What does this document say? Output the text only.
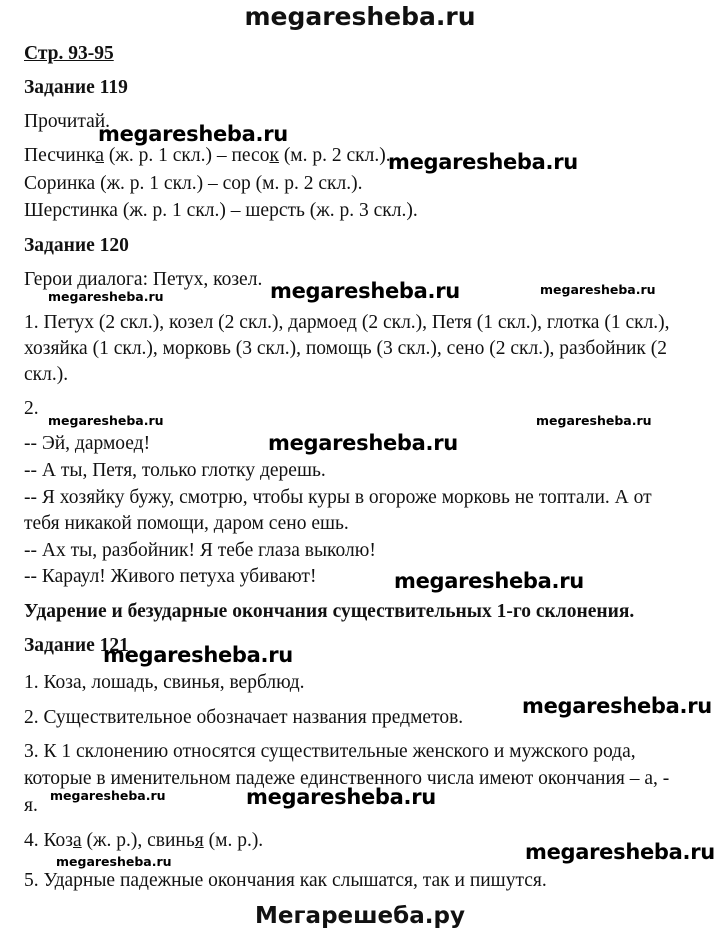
megaresheba.ru
Стр. 93-95
Задание 119
Прочитай.
Песчинка (ж. р. 1 скл.) – песок (м. р. 2 скл.).
Соринка (ж. р. 1 скл.) – сор (м. р. 2 скл.).
Шерстинка (ж. р. 1 скл.) – шерсть (ж. р. 3 скл.).
Задание 120
Герои диалога: Петух, козел.
1. Петух (2 скл.), козел (2 скл.), дармоед (2 скл.), Петя (1 скл.), глотка (1 скл.),
хозяйка (1 скл.), морковь (3 скл.), помощь (3 скл.), сено (2 скл.), разбойник (2
скл.).
2.
-- Эй, дармоед!
-- А ты, Петя, только глотку дерешь.
-- Я хозяйку бужу, смотрю, чтобы куры в огороже морковь не топтали. А от
тебя никакой помощи, даром сено ешь.
-- Ах ты, разбойник! Я тебе глаза выколю!
-- Караул! Живого петуха убивают!
Ударение и безударные окончания существительных 1-го склонения.
Задание 121
1. Коза, лошадь, свинья, верблюд.
2. Существительное обозначает названия предметов.
3. К 1 склонению относятся существительные женского и мужского рода,
которые в именительном падеже единственного числа имеют окончания – а, -
я.
4. Коза (ж. р.), свинья (м. р.).
5. Ударные падежные окончания как слышатся, так и пишутся.
megaresheba.ru
megaresheba.ru
megaresheba.ru	megaresheba.ru	megaresheba.ru
megaresheba.ru	megaresheba.ru
megaresheba.ru
megaresheba.ru
megaresheba.ru
megaresheba.ru
megaresheba.ru	megaresheba.ru
megaresheba.ru	megaresheba.ru
Мегарешеба.ру
